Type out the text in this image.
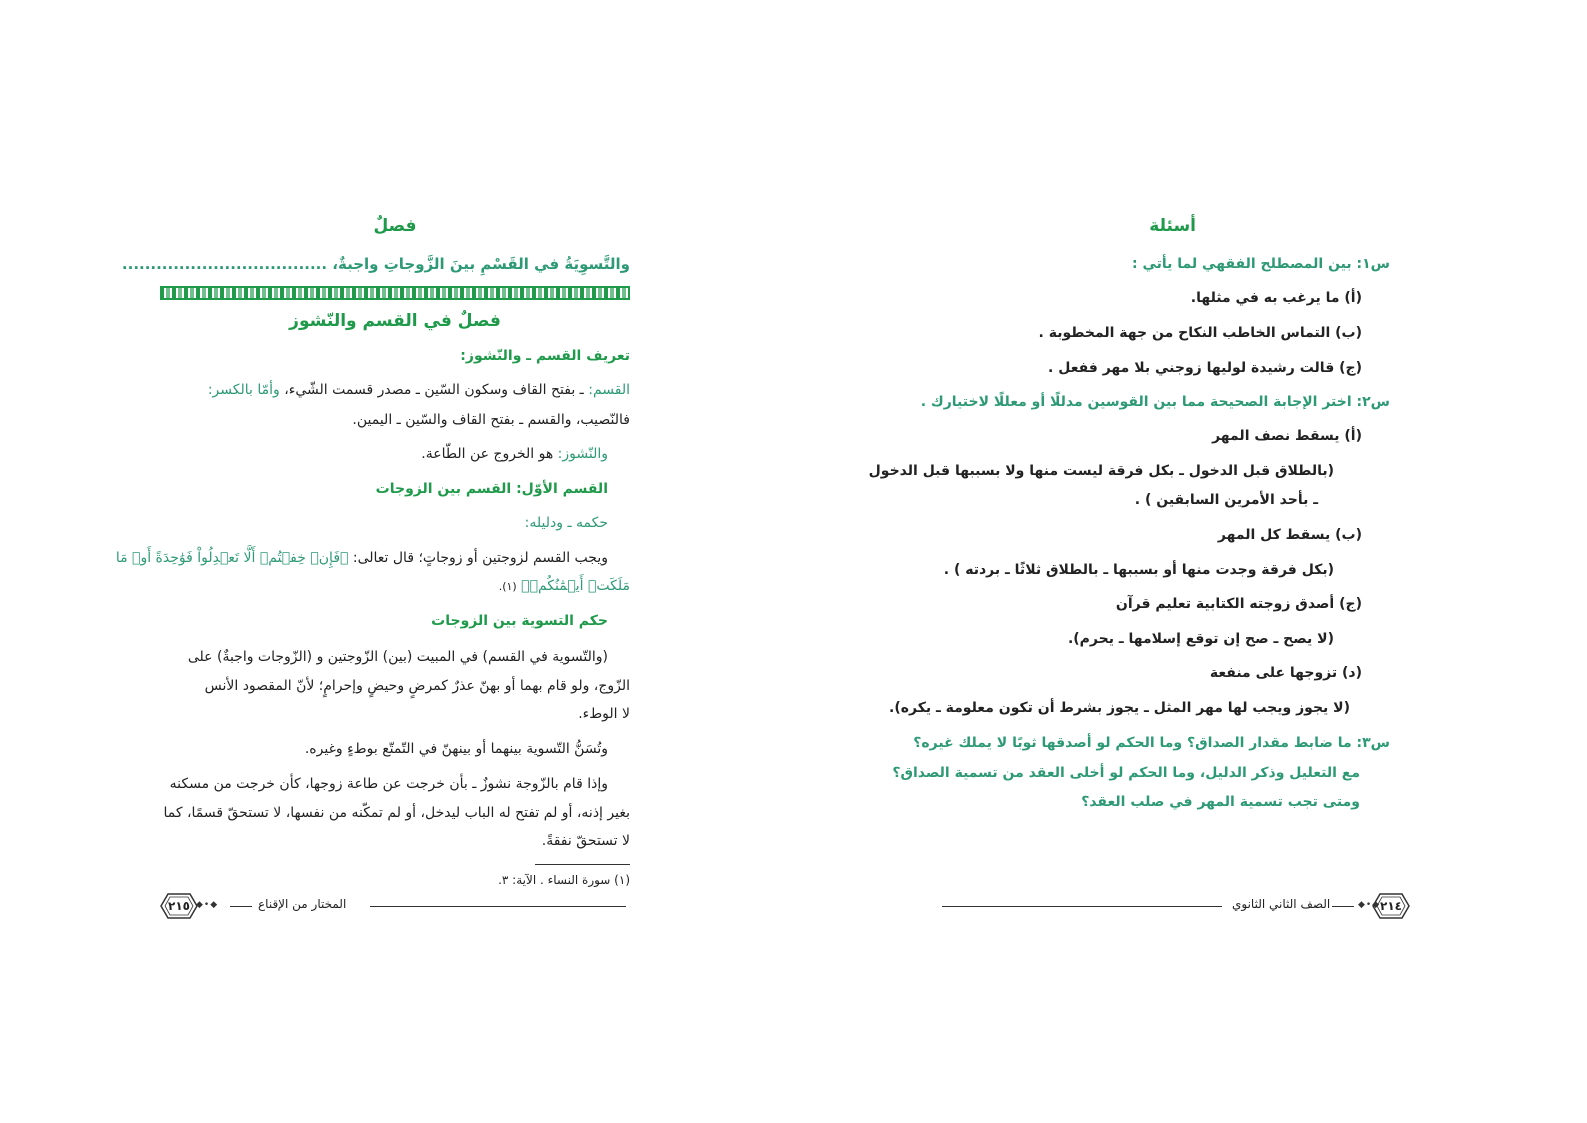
فصلٌ
والتَّسوِيَةُ في القَسْمِ بينَ الزَّوجاتِ واجبةٌ، ....................................
فصلٌ في القسم والنّشوز
تعريف القسم ـ والنّشوز:
القسم: ـ بفتح القاف وسكون السّين ـ مصدر قسمت الشّيء، وأمّا بالكسر:
فالنّصيب، والقسم ـ بفتح القاف والسّين ـ اليمين.
والنّشوز: هو الخروج عن الطّاعة.
القسم الأوّل: القسم بين الزوجات
حكمه ـ ودليله:
ويجب القسم لزوجتين أو زوجاتٍ؛ قال تعالى: ﴿فَإِنۡ خِفۡتُمۡ أَلَّا تَعۡدِلُواْ فَوَٰحِدَةً أَوۡ مَا
مَلَكَتۡ أَيۡمَٰنُكُمۡ﴾ (١).
حكم التسوية بين الزوجات
(والتّسوية في القسم) في المبيت (بين) الزّوجتين و (الزّوجات واجبةٌ) على
الزّوج، ولو قام بهما أو بهنّ عذرٌ كمرضٍ وحيضٍ وإحرامٍ؛ لأنّ المقصود الأنس
لا الوطء.
وتُسَنُّ التّسوية بينهما أو بينهنّ في التّمتّع بوطءٍ وغيره.
وإذا قام بالزّوجة نشوزٌ ـ بأن خرجت عن طاعة زوجها، كأن خرجت من مسكنه
بغير إذنه، أو لم تفتح له الباب ليدخل، أو لم تمكّنه من نفسها، لا تستحقّ قسمًا، كما
لا تستحقّ نفقةً.
(١) سورة النساء . الآية: ٣.
المختار من الإقناع
◆•◆
٢١٥
أسئلة
س١: بين المصطلح الفقهي لما يأتي :
(أ) ما يرغب به في مثلها.
(ب) التماس الخاطب النكاح من جهة المخطوبة .
(ج) قالت رشيدة لوليها زوجني بلا مهر ففعل .
س٢: اختر الإجابة الصحيحة مما بين القوسين مدللًا أو معللًا لاختيارك .
(أ) يسقط نصف المهر
(بالطلاق قبل الدخول ـ بكل فرقة ليست منها ولا بسببها قبل الدخول
ـ بأحد الأمرين السابقين ) .
(ب) يسقط كل المهر
(بكل فرقة وجدت منها أو بسببها ـ بالطلاق ثلاثًا ـ بردته ) .
(ج) أصدق زوجته الكتابية تعليم قرآن
(لا يصح ـ صح إن توقع إسلامها ـ يحرم).
(د) تزوجها على منفعة
(لا يجوز ويجب لها مهر المثل ـ يجوز بشرط أن تكون معلومة ـ يكره).
س٣: ما ضابط مقدار الصداق؟ وما الحكم لو أصدقها ثوبًا لا يملك غيره؟
مع التعليل وذكر الدليل، وما الحكم لو أخلى العقد من تسمية الصداق؟
ومتى تجب تسمية المهر في صلب العقد؟
الصف الثاني الثانوي	◆•◆ ٢١٤
